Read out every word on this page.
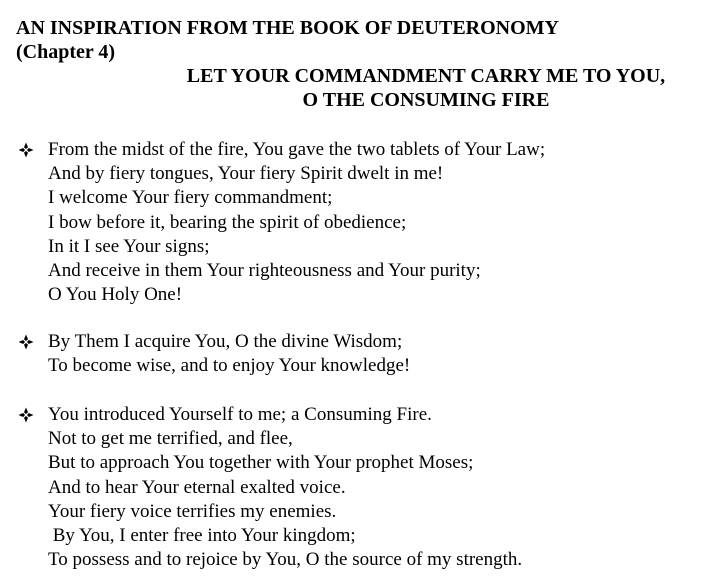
AN INSPIRATION FROM THE BOOK OF DEUTERONOMY
(Chapter 4)
LET YOUR COMMANDMENT CARRY ME TO YOU,
O THE CONSUMING FIRE
From the midst of the fire, You gave the two tablets of Your Law;
And by fiery tongues, Your fiery Spirit dwelt in me!
I welcome Your fiery commandment;
I bow before it, bearing the spirit of obedience;
In it I see Your signs;
And receive in them Your righteousness and Your purity;
O You Holy One!
By Them I acquire You, O the divine Wisdom;
To become wise, and to enjoy Your knowledge!
You introduced Yourself to me; a Consuming Fire.
Not to get me terrified, and flee,
But to approach You together with Your prophet Moses;
And to hear Your eternal exalted voice.
Your fiery voice terrifies my enemies.
By You, I enter free into Your kingdom;
To possess and to rejoice by You, O the source of my strength.
